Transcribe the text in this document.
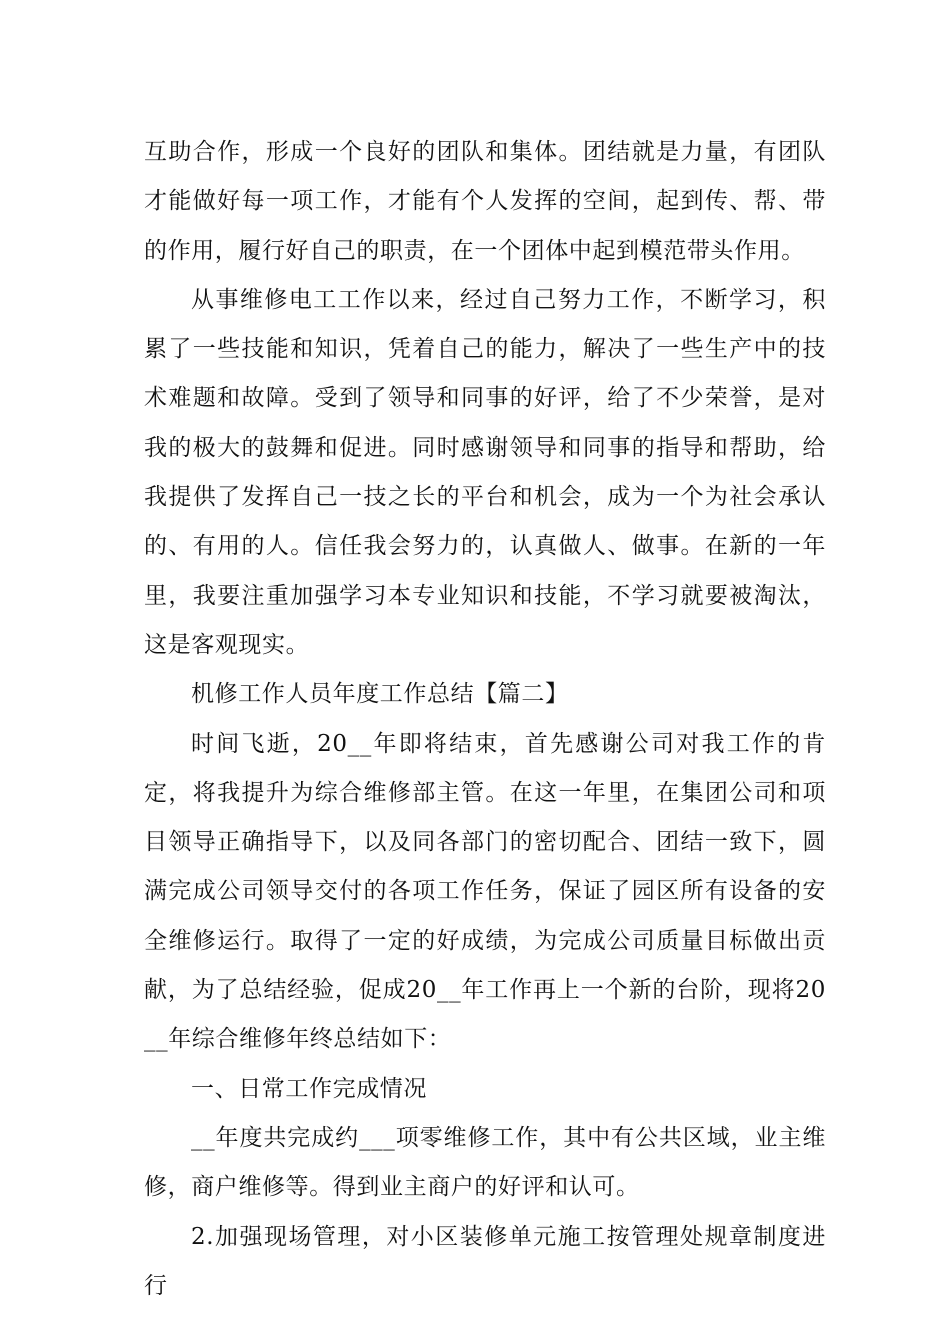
互助合作，形成一个良好的团队和集体。团结就是力量，有团队才能做好每一项工作，才能有个人发挥的空间，起到传、帮、带的作用，履行好自己的职责，在一个团体中起到模范带头作用。

从事维修电工工作以来，经过自己努力工作，不断学习，积累了一些技能和知识，凭着自己的能力，解决了一些生产中的技术难题和故障。受到了领导和同事的好评，给了不少荣誉，是对我的极大的鼓舞和促进。同时感谢领导和同事的指导和帮助，给我提供了发挥自己一技之长的平台和机会，成为一个为社会承认的、有用的人。信任我会努力的，认真做人、做事。在新的一年里，我要注重加强学习本专业知识和技能，不学习就要被淘汰，这是客观现实。

机修工作人员年度工作总结【篇二】

时间飞逝，20__年即将结束，首先感谢公司对我工作的肯定，将我提升为综合维修部主管。在这一年里，在集团公司和项目领导正确指导下，以及同各部门的密切配合、团结一致下，圆满完成公司领导交付的各项工作任务，保证了园区所有设备的安全维修运行。取得了一定的好成绩，为完成公司质量目标做出贡献，为了总结经验，促成20__年工作再上一个新的台阶，现将20__年综合维修年终总结如下：

一、日常工作完成情况

__年度共完成约___项零维修工作，其中有公共区域，业主维修，商户维修等。得到业主商户的好评和认可。

2.加强现场管理，对小区装修单元施工按管理处规章制度进行
